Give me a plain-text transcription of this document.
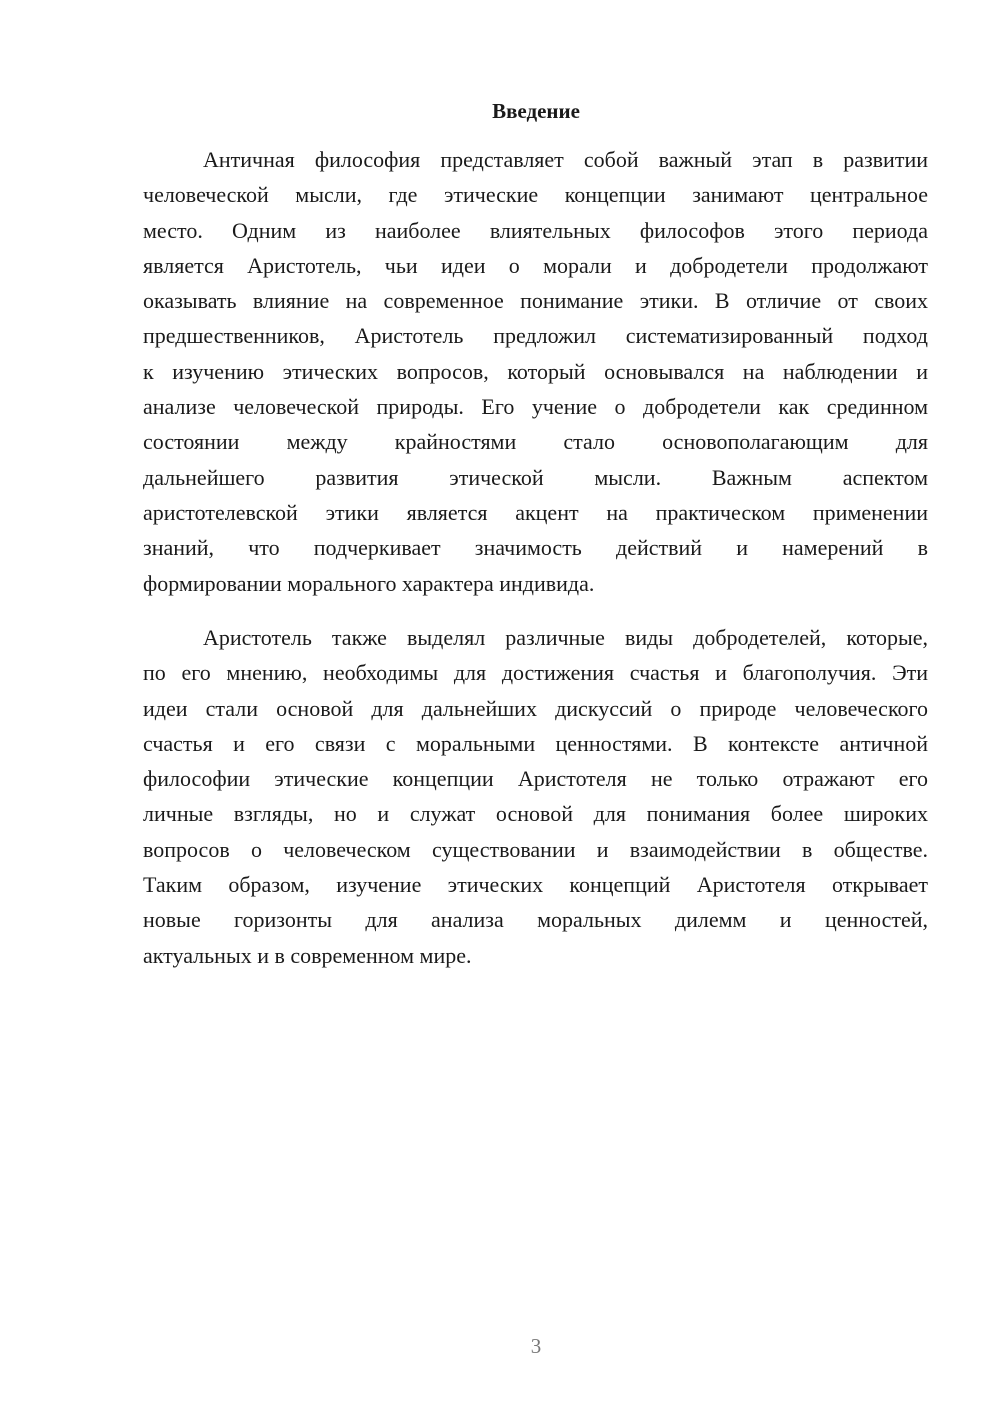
Введение
Античная философия представляет собой важный этап в развитии
человеческой мысли, где этические концепции занимают центральное
место. Одним из наиболее влиятельных философов этого периода
является Аристотель, чьи идеи о морали и добродетели продолжают
оказывать влияние на современное понимание этики. В отличие от своих
предшественников, Аристотель предложил систематизированный подход
к изучению этических вопросов, который основывался на наблюдении и
анализе человеческой природы. Его учение о добродетели как срединном
состоянии между крайностями стало основополагающим для
дальнейшего развития этической мысли. Важным аспектом
аристотелевской этики является акцент на практическом применении
знаний, что подчеркивает значимость действий и намерений в
формировании морального характера индивида.
Аристотель также выделял различные виды добродетелей, которые,
по его мнению, необходимы для достижения счастья и благополучия. Эти
идеи стали основой для дальнейших дискуссий о природе человеческого
счастья и его связи с моральными ценностями. В контексте античной
философии этические концепции Аристотеля не только отражают его
личные взгляды, но и служат основой для понимания более широких
вопросов о человеческом существовании и взаимодействии в обществе.
Таким образом, изучение этических концепций Аристотеля открывает
новые горизонты для анализа моральных дилемм и ценностей,
актуальных и в современном мире.
3
